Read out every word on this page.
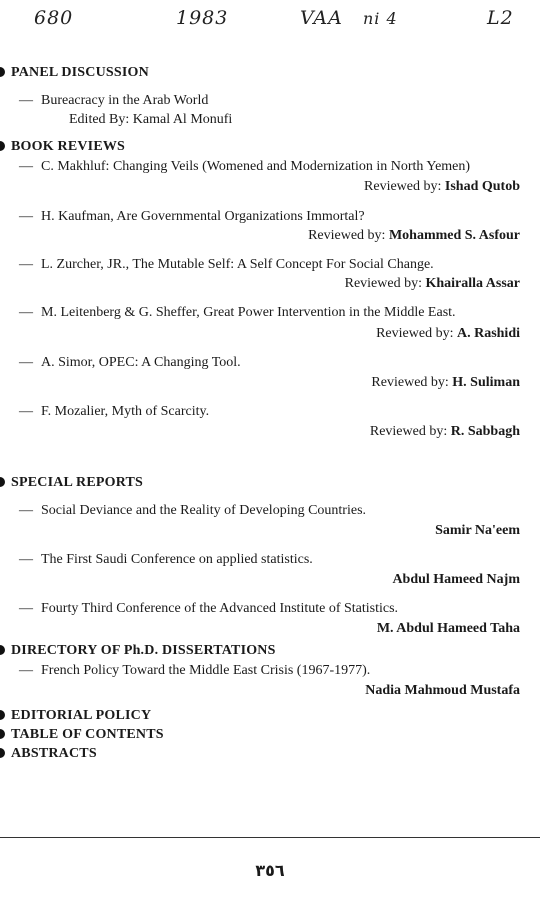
680	1983	VAA ni 4	L2
PANEL DISCUSSION
— Bureacracy in the Arab World
Edited By: Kamal Al Monufi
BOOK REVIEWS
— C. Makhluf: Changing Veils (Womened and Modernization in North Yemen)
Reviewed by: Ishad Qutob
— H. Kaufman, Are Governmental Organizations Immortal?
Reviewed by: Mohammed S. Asfour
— L. Zurcher, JR., The Mutable Self: A Self Concept For Social Change.
Reviewed by: Khairalla Assar
— M. Leitenberg & G. Sheffer, Great Power Intervention in the Middle East.
Reviewed by: A. Rashidi
— A. Simor, OPEC: A Changing Tool.
Reviewed by: H. Suliman
— F. Mozalier, Myth of Scarcity.
Reviewed by: R. Sabbagh
SPECIAL REPORTS
— Social Deviance and the Reality of Developing Countries.
Samir Na'eem
— The First Saudi Conference on applied statistics.
Abdul Hameed Najm
— Fourty Third Conference of the Advanced Institute of Statistics.
M. Abdul Hameed Taha
DIRECTORY OF Ph.D. DISSERTATIONS
— French Policy Toward the Middle East Crisis (1967-1977).
Nadia Mahmoud Mustafa
EDITORIAL POLICY
TABLE OF CONTENTS
ABSTRACTS
٣٥٦
